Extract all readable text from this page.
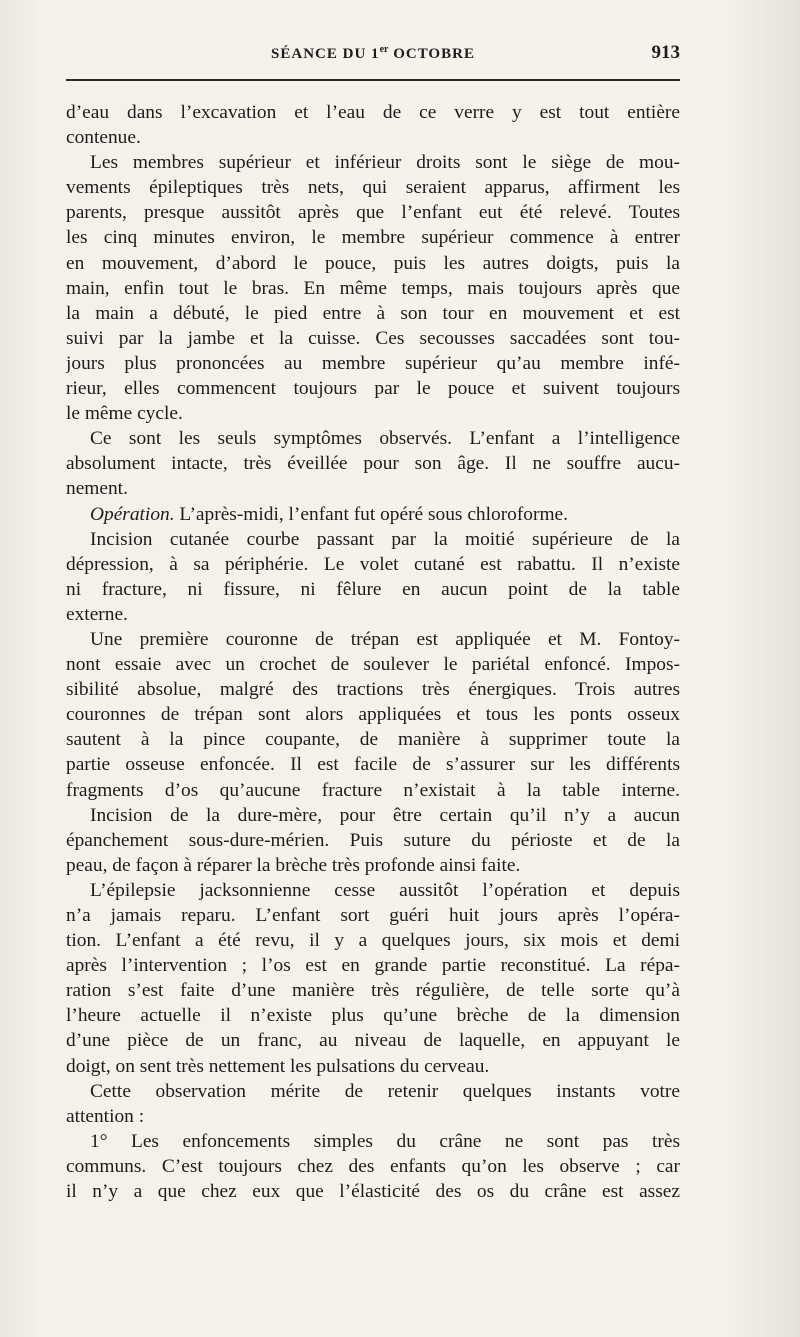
SÉANCE DU 1er OCTOBRE	913
d’eau dans l’excavation et l’eau de ce verre y est tout entière
contenue.
Les membres supérieur et inférieur droits sont le siège de mou-
vements épileptiques très nets, qui seraient apparus, affirment les
parents, presque aussitôt après que l’enfant eut été relevé. Toutes
les cinq minutes environ, le membre supérieur commence à entrer
en mouvement, d’abord le pouce, puis les autres doigts, puis la
main, enfin tout le bras. En même temps, mais toujours après que
la main a débuté, le pied entre à son tour en mouvement et est
suivi par la jambe et la cuisse. Ces secousses saccadées sont tou-
jours plus prononcées au membre supérieur qu’au membre infé-
rieur, elles commencent toujours par le pouce et suivent toujours
le même cycle.
Ce sont les seuls symptômes observés. L’enfant a l’intelligence
absolument intacte, très éveillée pour son âge. Il ne souffre aucu-
nement.
Opération. L’après-midi, l’enfant fut opéré sous chloroforme.
Incision cutanée courbe passant par la moitié supérieure de la
dépression, à sa périphérie. Le volet cutané est rabattu. Il n’existe
ni fracture, ni fissure, ni fêlure en aucun point de la table
externe.
Une première couronne de trépan est appliquée et M. Fontoy-
nont essaie avec un crochet de soulever le pariétal enfoncé. Impos-
sibilité absolue, malgré des tractions très énergiques. Trois autres
couronnes de trépan sont alors appliquées et tous les ponts osseux
sautent à la pince coupante, de manière à supprimer toute la
partie osseuse enfoncée. Il est facile de s’assurer sur les différents
fragments d’os qu’aucune fracture n’existait à la table interne.
Incision de la dure-mère, pour être certain qu’il n’y a aucun
épanchement sous-dure-mérien. Puis suture du périoste et de la
peau, de façon à réparer la brèche très profonde ainsi faite.
L’épilepsie jacksonnienne cesse aussitôt l’opération et depuis
n’a jamais reparu. L’enfant sort guéri huit jours après l’opéra-
tion. L’enfant a été revu, il y a quelques jours, six mois et demi
après l’intervention ; l’os est en grande partie reconstitué. La répa-
ration s’est faite d’une manière très régulière, de telle sorte qu’à
l’heure actuelle il n’existe plus qu’une brèche de la dimension
d’une pièce de un franc, au niveau de laquelle, en appuyant le
doigt, on sent très nettement les pulsations du cerveau.
Cette observation mérite de retenir quelques instants votre
attention :
1° Les enfoncements simples du crâne ne sont pas très
communs. C’est toujours chez des enfants qu’on les observe ; car
il n’y a que chez eux que l’élasticité des os du crâne est assez
